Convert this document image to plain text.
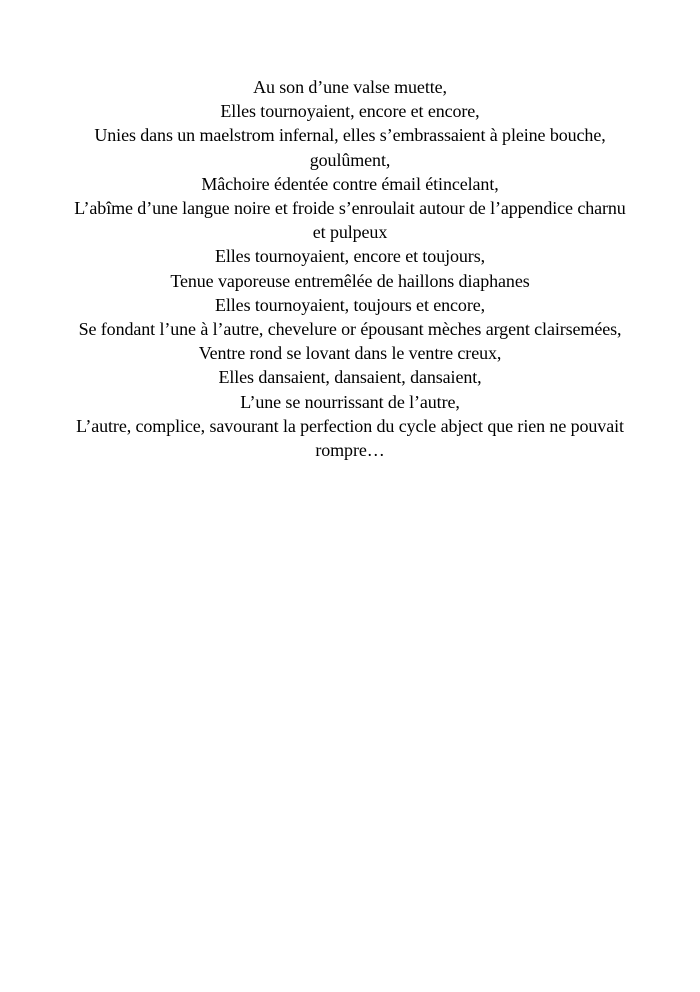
Au son d’une valse muette,

Elles tournoyaient, encore et encore,

Unies dans un maelstrom infernal, elles s’embrassaient à pleine bouche, goulûment,

Mâchoire édentée contre émail étincelant,

L’abîme d’une langue noire et froide s’enroulait autour de l’appendice charnu et pulpeux

Elles tournoyaient, encore et toujours,

Tenue vaporeuse entremêlée de haillons diaphanes

Elles tournoyaient, toujours et encore,

Se fondant l’une à l’autre, chevelure or épousant mèches argent clairsemées,

Ventre rond se lovant dans le ventre creux,

Elles dansaient, dansaient, dansaient,

L’une se nourrissant de l’autre,

L’autre, complice, savourant la perfection du cycle abject que rien ne pouvait rompre…
